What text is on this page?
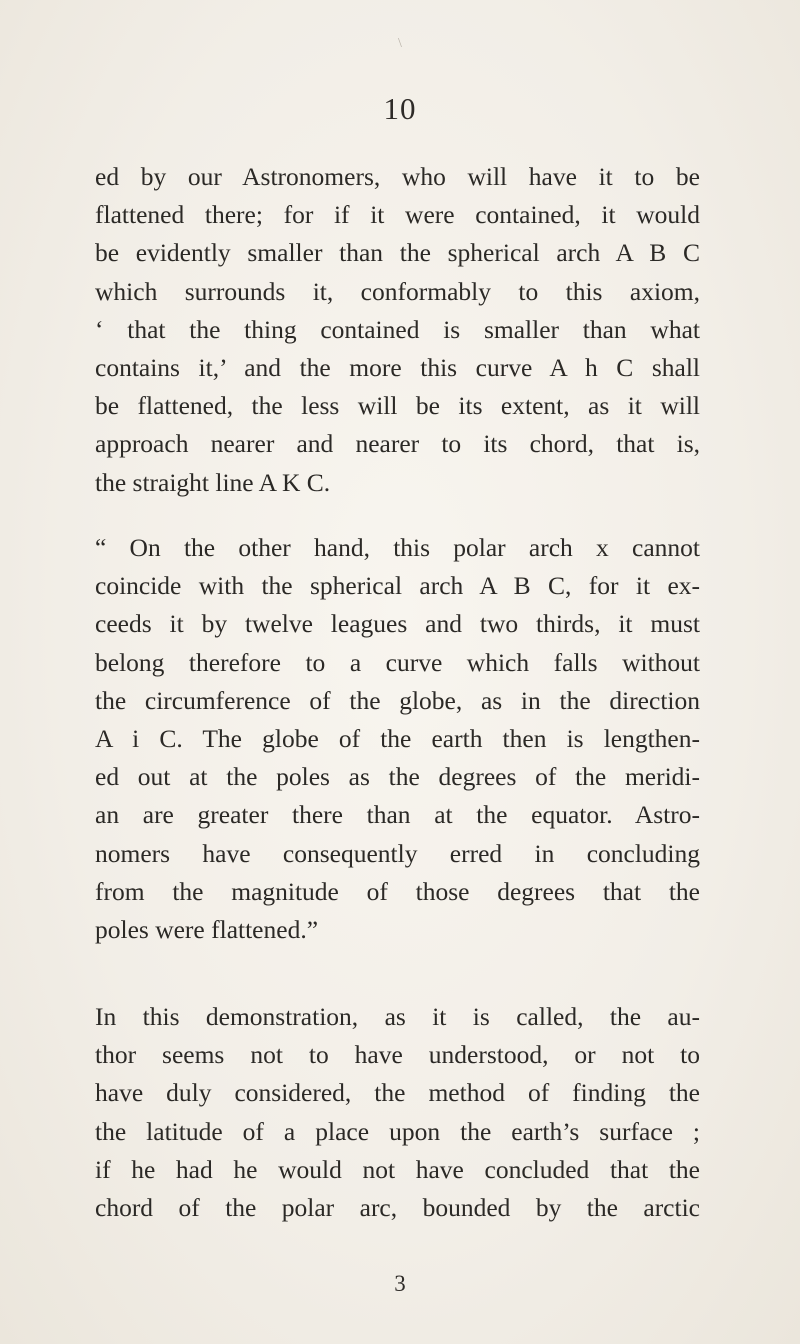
\
10
ed by our Astronomers, who will have it to be
flattened there; for if it were contained, it would
be evidently smaller than the spherical arch A B C
which surrounds it, conformably to this axiom,
‘ that the thing contained is smaller than what
contains it,’ and the more this curve A h C shall
be flattened, the less will be its extent, as it will
approach nearer and nearer to its chord, that is,
the straight line A K C.
“ On the other hand, this polar arch x cannot
coincide with the spherical arch A B C, for it ex-
ceeds it by twelve leagues and two thirds, it must
belong therefore to a curve which falls without
the circumference of the globe, as in the direction
A i C. The globe of the earth then is lengthen-
ed out at the poles as the degrees of the meridi-
an are greater there than at the equator. Astro-
nomers have consequently erred in concluding
from the magnitude of those degrees that the
poles were flattened.”
In this demonstration, as it is called, the au-
thor seems not to have understood, or not to
have duly considered, the method of finding the
the latitude of a place upon the earth’s surface ;
if he had he would not have concluded that the
chord of the polar arc, bounded by the arctic
3
